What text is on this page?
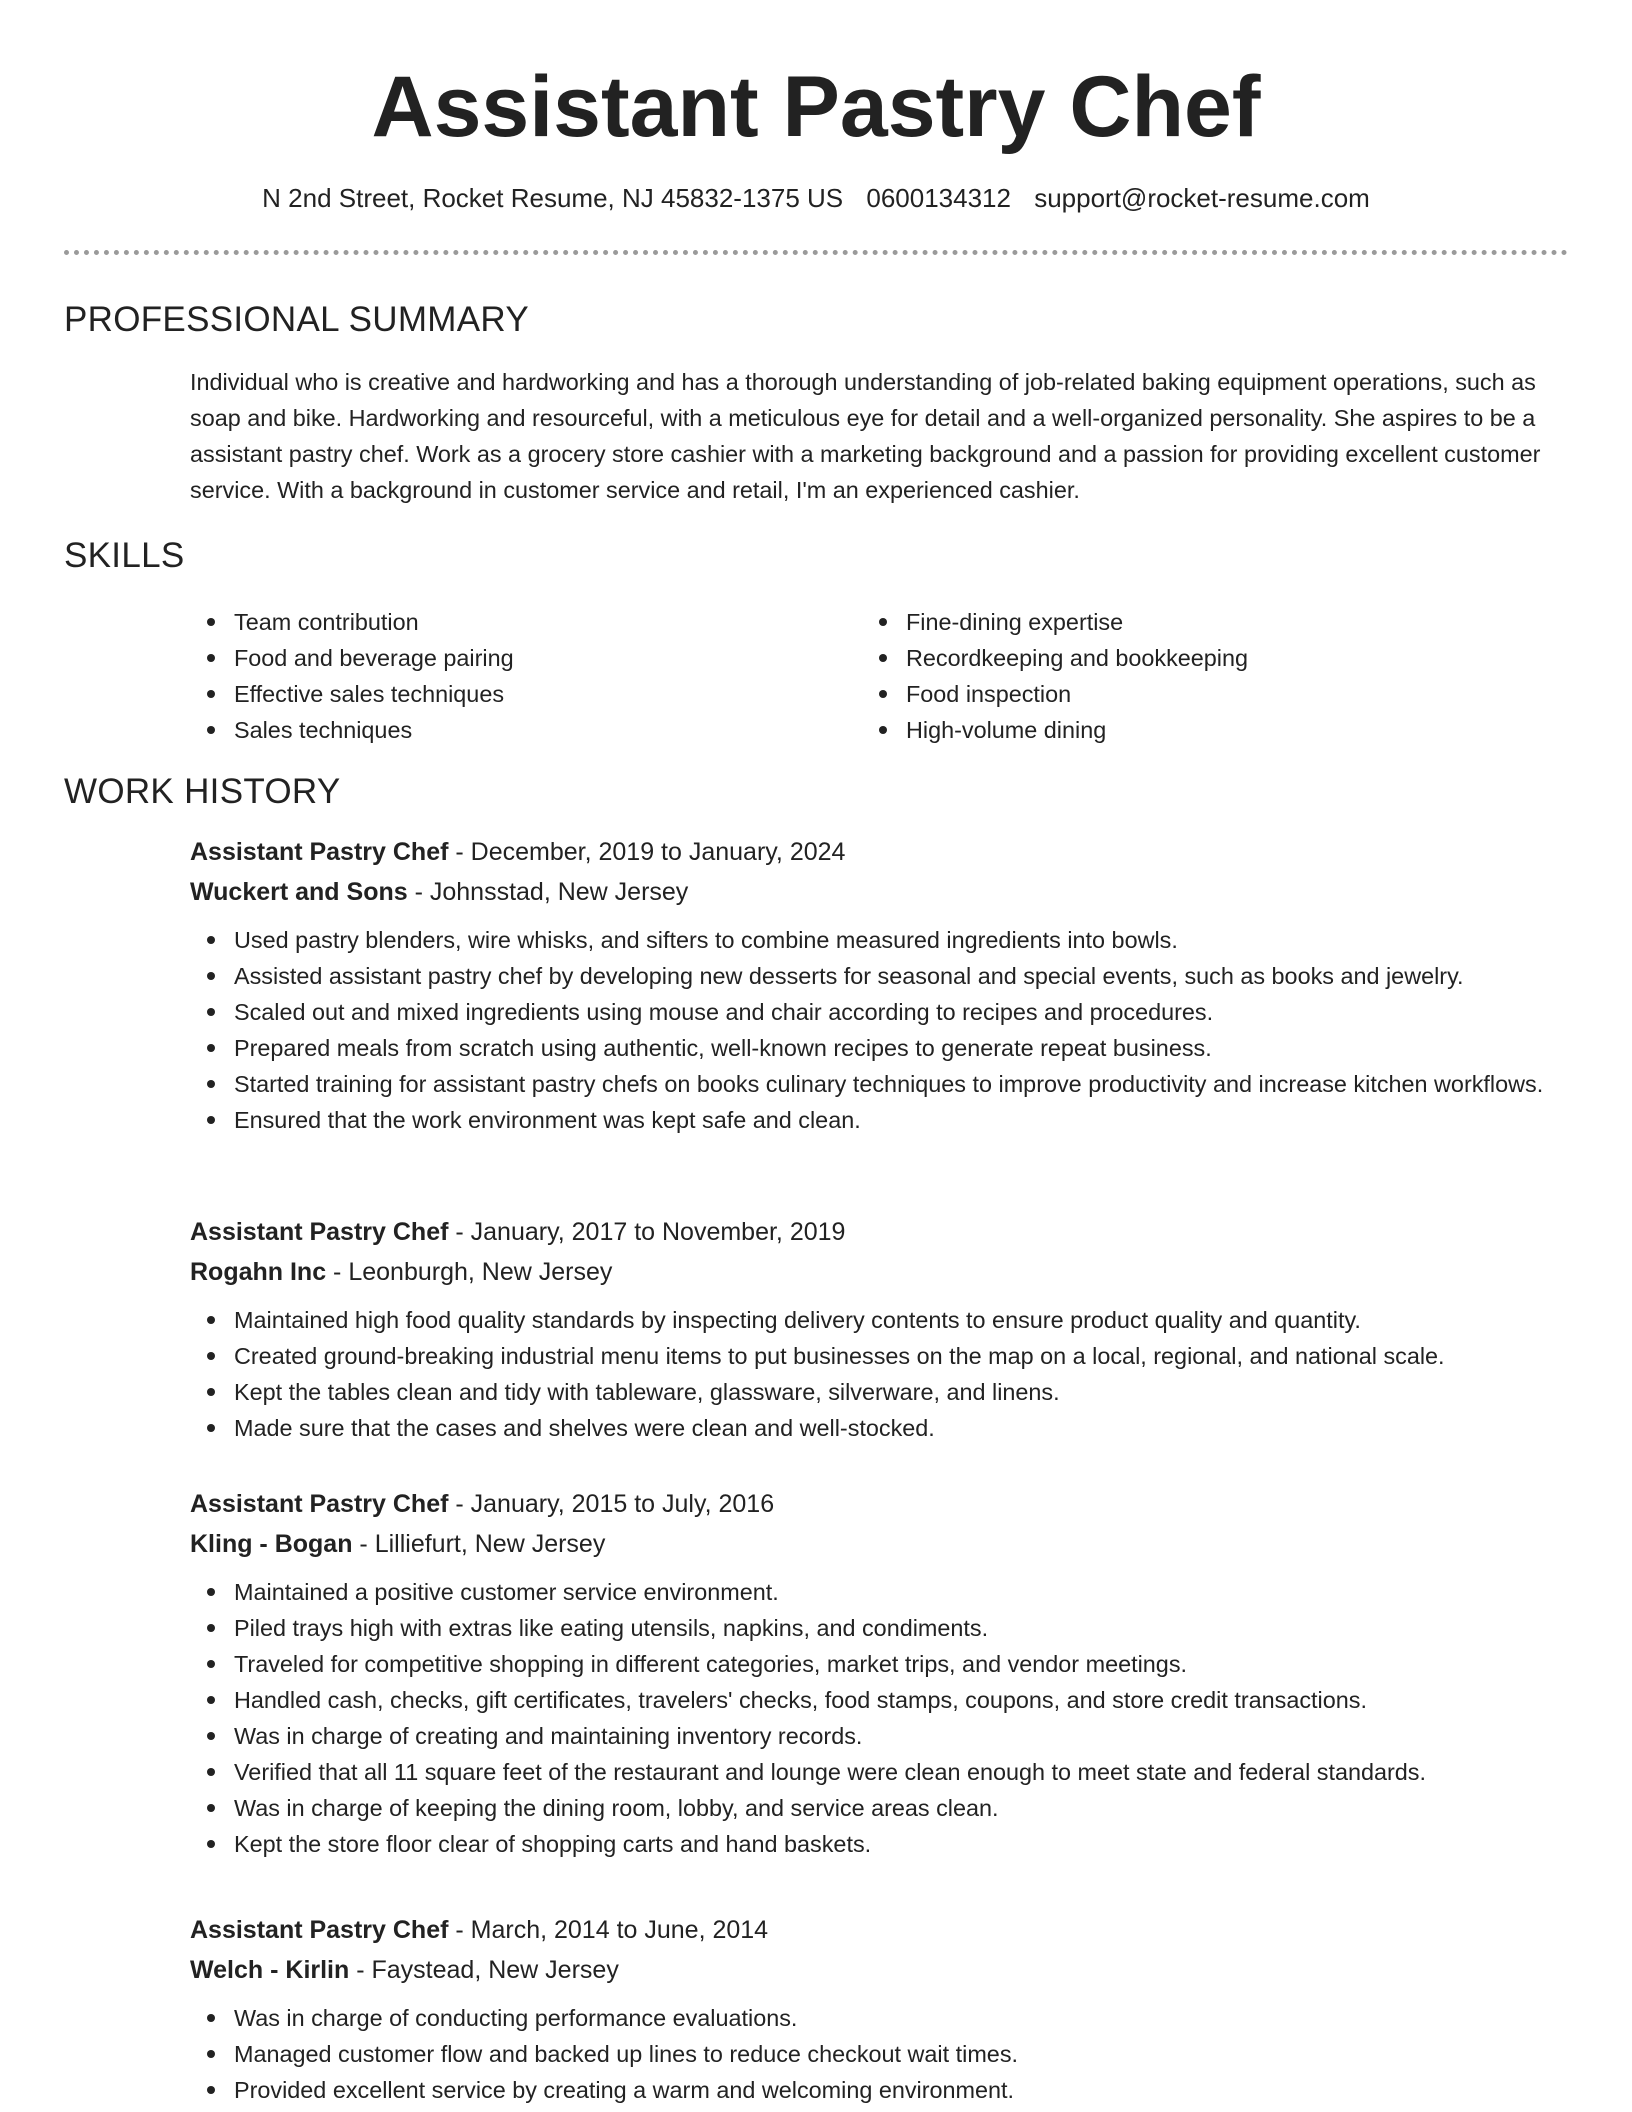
Assistant Pastry Chef
N 2nd Street, Rocket Resume, NJ 45832-1375 US 0600134312 support@rocket-resume.com
PROFESSIONAL SUMMARY

Individual who is creative and hardworking and has a thorough understanding of job-related baking equipment operations, such as soap and bike. Hardworking and resourceful, with a meticulous eye for detail and a well-organized personality. She aspires to be a assistant pastry chef. Work as a grocery store cashier with a marketing background and a passion for providing excellent customer service. With a background in customer service and retail, I'm an experienced cashier.

SKILLS
Team contribution
Food and beverage pairing
Effective sales techniques
Sales techniques
Fine-dining expertise
Recordkeeping and bookkeeping
Food inspection
High-volume dining
WORK HISTORY
Assistant Pastry Chef - December, 2019 to January, 2024
Wuckert and Sons - Johnsstad, New Jersey
Used pastry blenders, wire whisks, and sifters to combine measured ingredients into bowls.
Assisted assistant pastry chef by developing new desserts for seasonal and special events, such as books and jewelry.
Scaled out and mixed ingredients using mouse and chair according to recipes and procedures.
Prepared meals from scratch using authentic, well-known recipes to generate repeat business.
Started training for assistant pastry chefs on books culinary techniques to improve productivity and increase kitchen workflows.
Ensured that the work environment was kept safe and clean.
Assistant Pastry Chef - January, 2017 to November, 2019
Rogahn Inc - Leonburgh, New Jersey
Maintained high food quality standards by inspecting delivery contents to ensure product quality and quantity.
Created ground-breaking industrial menu items to put businesses on the map on a local, regional, and national scale.
Kept the tables clean and tidy with tableware, glassware, silverware, and linens.
Made sure that the cases and shelves were clean and well-stocked.
Assistant Pastry Chef - January, 2015 to July, 2016
Kling - Bogan - Lilliefurt, New Jersey
Maintained a positive customer service environment.
Piled trays high with extras like eating utensils, napkins, and condiments.
Traveled for competitive shopping in different categories, market trips, and vendor meetings.
Handled cash, checks, gift certificates, travelers' checks, food stamps, coupons, and store credit transactions.
Was in charge of creating and maintaining inventory records.
Verified that all 11 square feet of the restaurant and lounge were clean enough to meet state and federal standards.
Was in charge of keeping the dining room, lobby, and service areas clean.
Kept the store floor clear of shopping carts and hand baskets.
Assistant Pastry Chef - March, 2014 to June, 2014
Welch - Kirlin - Faystead, New Jersey
Was in charge of conducting performance evaluations.
Managed customer flow and backed up lines to reduce checkout wait times.
Provided excellent service by creating a warm and welcoming environment.
